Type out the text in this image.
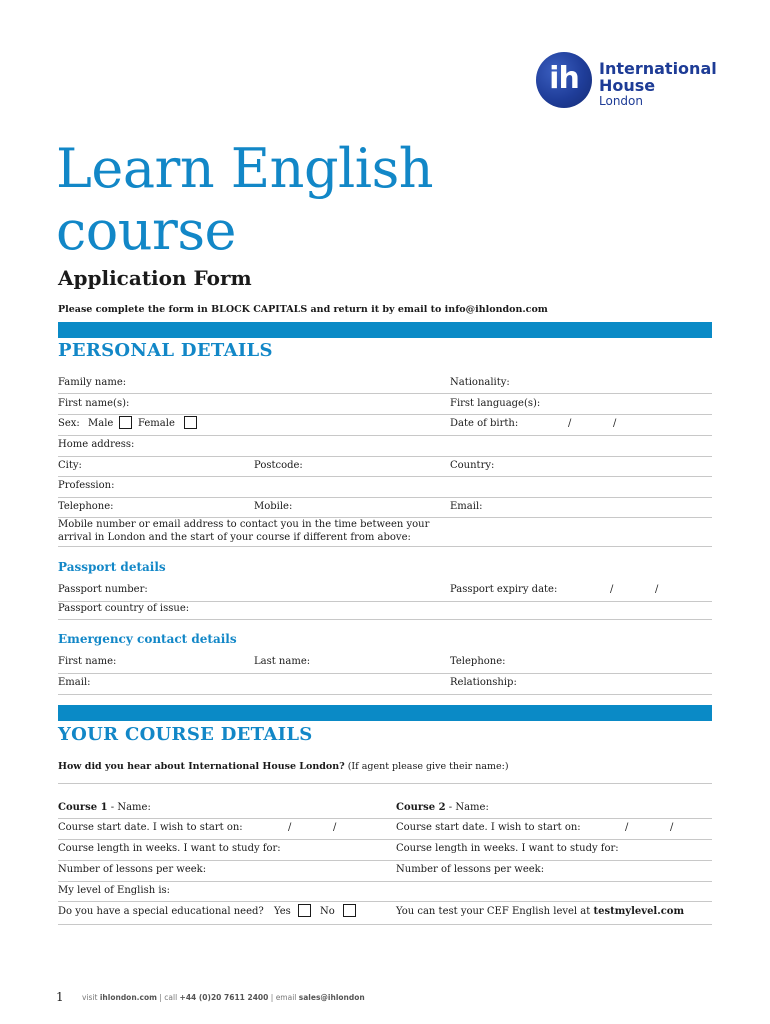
ih	International
House
London
Learn English
course
Application Form
Please complete the form in BLOCK CAPITALS and return it by email to info@ihlondon.com
PERSONAL DETAILS
Family name:	Nationality:
First name(s):	First language(s):
Sex: Male Female	Date of birth:	/	/
Home address:
City:	Postcode:	Country:
Profession:
Telephone:	Mobile:	Email:
Mobile number or email address to contact you in the time between your
arrival in London and the start of your course if different from above:
Passport details
Passport number:	Passport expiry date:	/	/
Passport country of issue:
Emergency contact details
First name:	Last name:	Telephone:
Email:	Relationship:
YOUR COURSE DETAILS
How did you hear about International House London? (If agent please give their name:)
Course 1 - Name:	Course 2 - Name:
Course start date. I wish to start on:	/	/	Course start date. I wish to start on:	/	/
Course length in weeks. I want to study for:	Course length in weeks. I want to study for:
Number of lessons per week:	Number of lessons per week:
My level of English is:
Do you have a special educational need? Yes	No	You can test your CEF English level at testmylevel.com
1 visit ihlondon.com | call +44 (0)20 7611 2400 | email sales@ihlondon
